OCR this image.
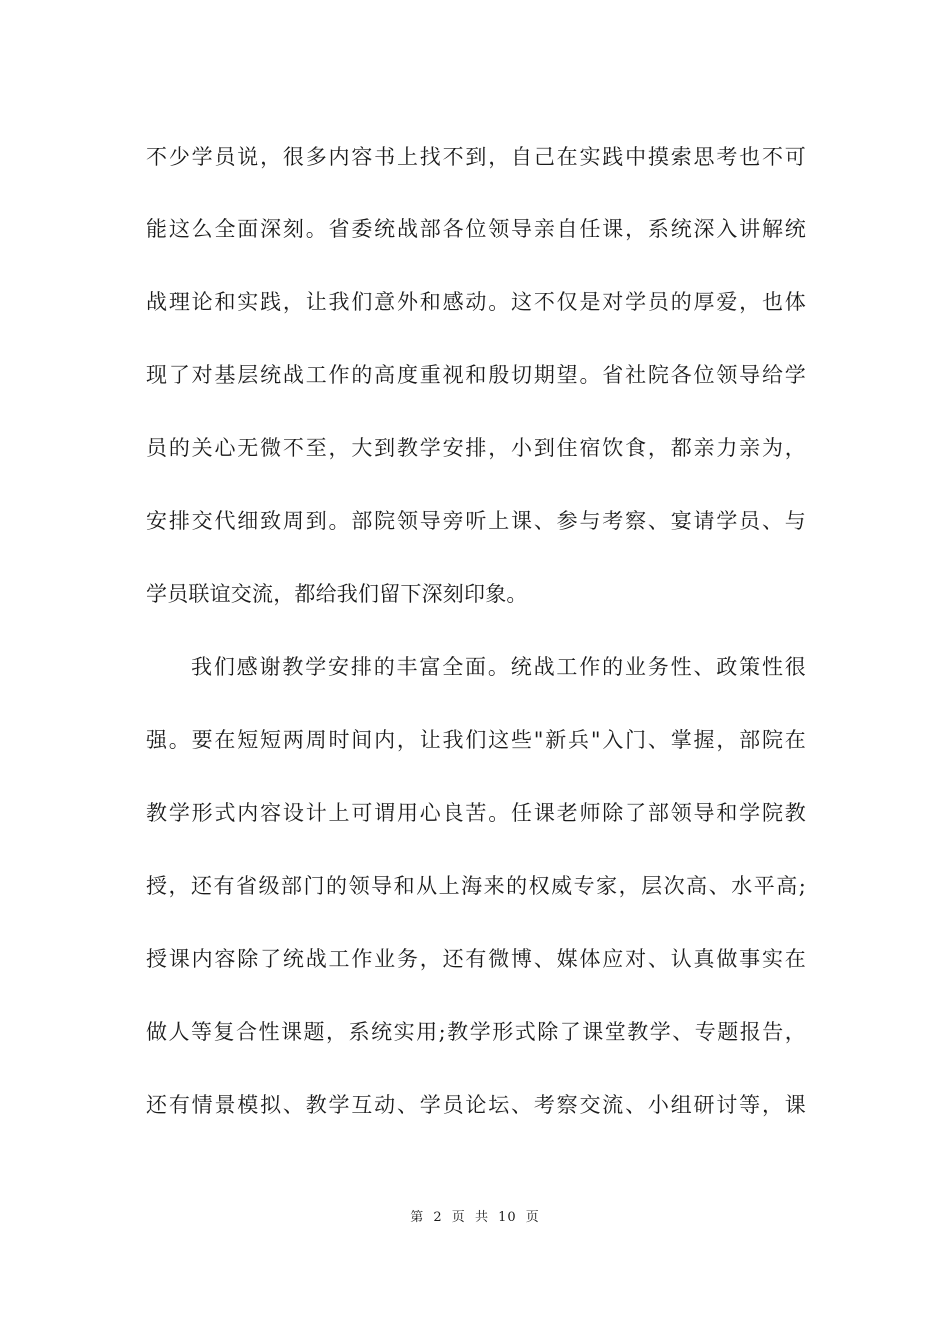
不少学员说，很多内容书上找不到，自己在实践中摸索思考也不可
能这么全面深刻。省委统战部各位领导亲自任课，系统深入讲解统
战理论和实践，让我们意外和感动。这不仅是对学员的厚爱，也体
现了对基层统战工作的高度重视和殷切期望。省社院各位领导给学
员的关心无微不至，大到教学安排，小到住宿饮食，都亲力亲为，
安排交代细致周到。部院领导旁听上课、参与考察、宴请学员、与
学员联谊交流，都给我们留下深刻印象。
我们感谢教学安排的丰富全面。统战工作的业务性、政策性很
强。要在短短两周时间内，让我们这些"新兵"入门、掌握，部院在
教学形式内容设计上可谓用心良苦。任课老师除了部领导和学院教
授，还有省级部门的领导和从上海来的权威专家，层次高、水平高;
授课内容除了统战工作业务，还有微博、媒体应对、认真做事实在
做人等复合性课题，系统实用;教学形式除了课堂教学、专题报告，
还有情景模拟、教学互动、学员论坛、考察交流、小组研讨等，课
第 2 页 共 10 页
